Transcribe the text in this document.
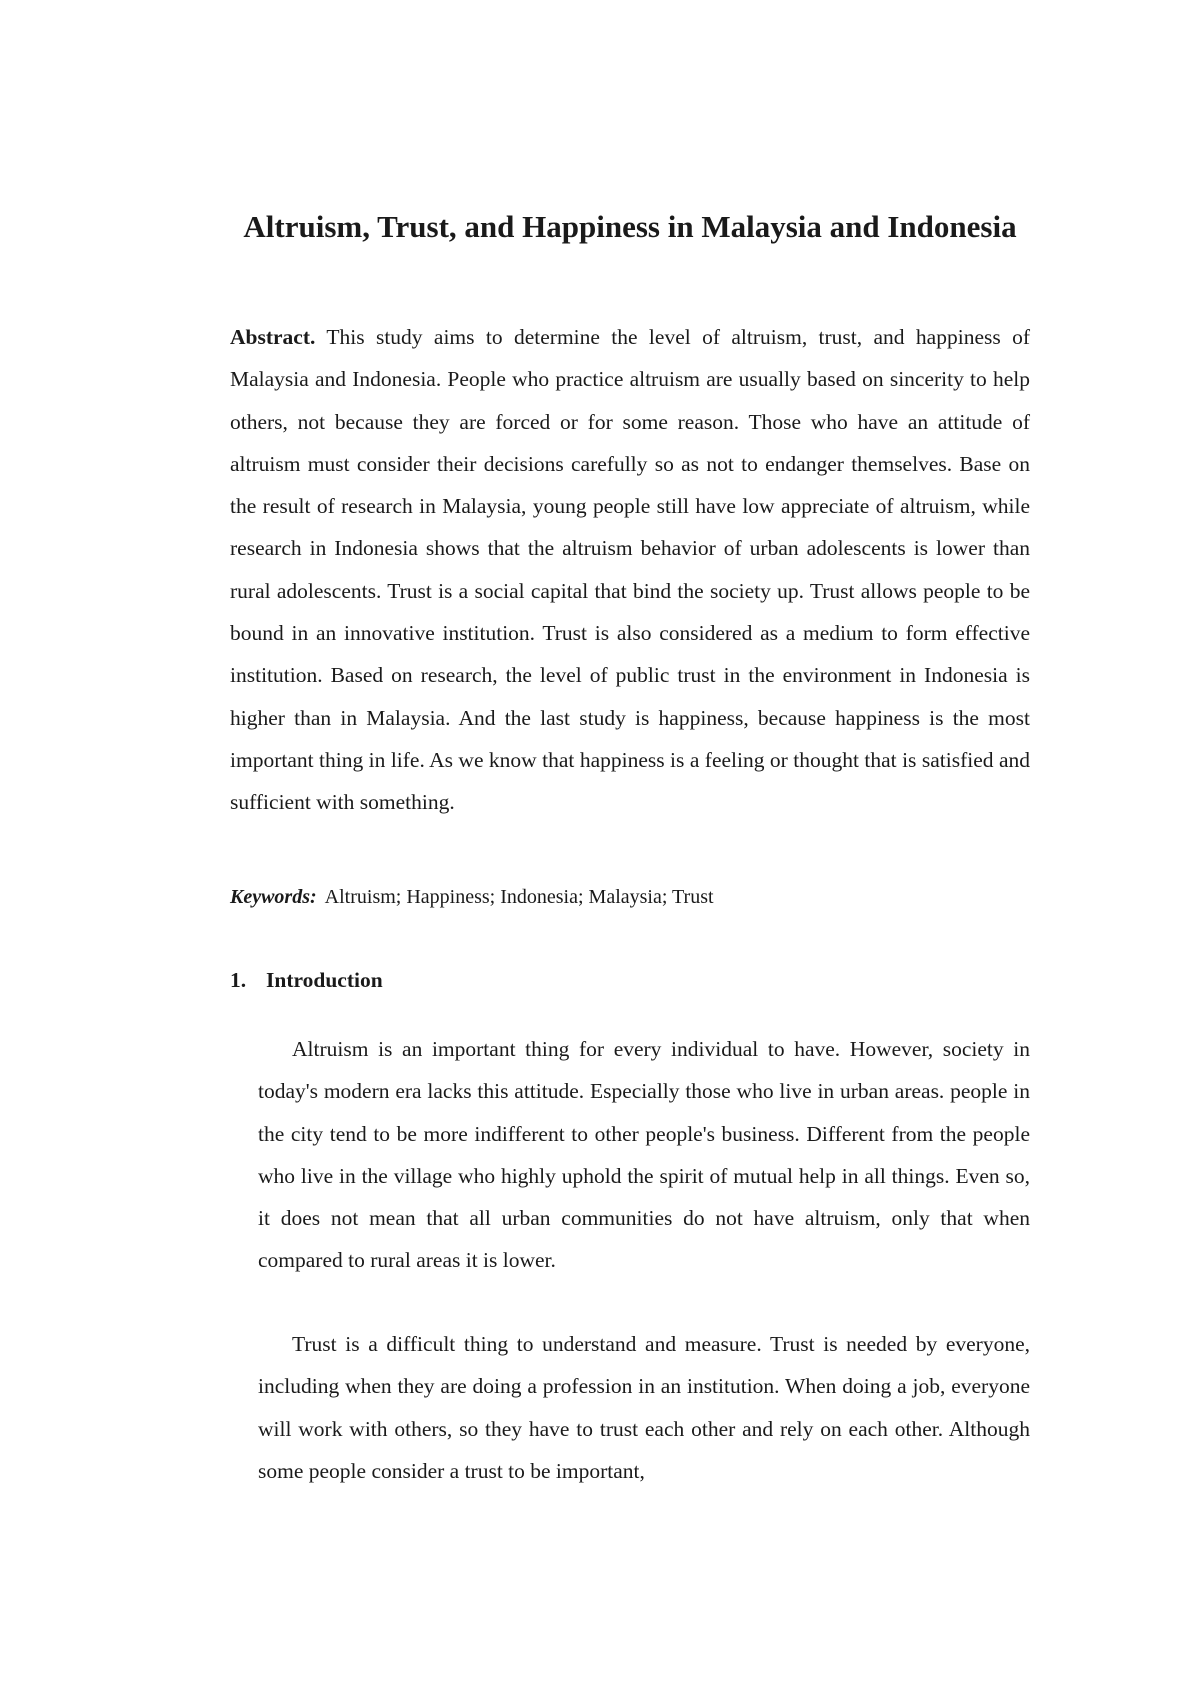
Altruism, Trust, and Happiness in Malaysia and Indonesia

Abstract. This study aims to determine the level of altruism, trust, and happiness of Malaysia and Indonesia. People who practice altruism are usually based on sincerity to help others, not because they are forced or for some reason. Those who have an attitude of altruism must consider their decisions carefully so as not to endanger themselves. Base on the result of research in Malaysia, young people still have low appreciate of altruism, while research in Indonesia shows that the altruism behavior of urban adolescents is lower than rural adolescents. Trust is a social capital that bind the society up. Trust allows people to be bound in an innovative institution. Trust is also considered as a medium to form effective institution. Based on research, the level of public trust in the environment in Indonesia is higher than in Malaysia. And the last study is happiness, because happiness is the most important thing in life. As we know that happiness is a feeling or thought that is satisfied and sufficient with something.

Keywords: Altruism; Happiness; Indonesia; Malaysia; Trust

1. Introduction

Altruism is an important thing for every individual to have. However, society in today's modern era lacks this attitude. Especially those who live in urban areas. people in the city tend to be more indifferent to other people's business. Different from the people who live in the village who highly uphold the spirit of mutual help in all things. Even so, it does not mean that all urban communities do not have altruism, only that when compared to rural areas it is lower.

Trust is a difficult thing to understand and measure. Trust is needed by everyone, including when they are doing a profession in an institution. When doing a job, everyone will work with others, so they have to trust each other and rely on each other. Although some people consider a trust to be important,
